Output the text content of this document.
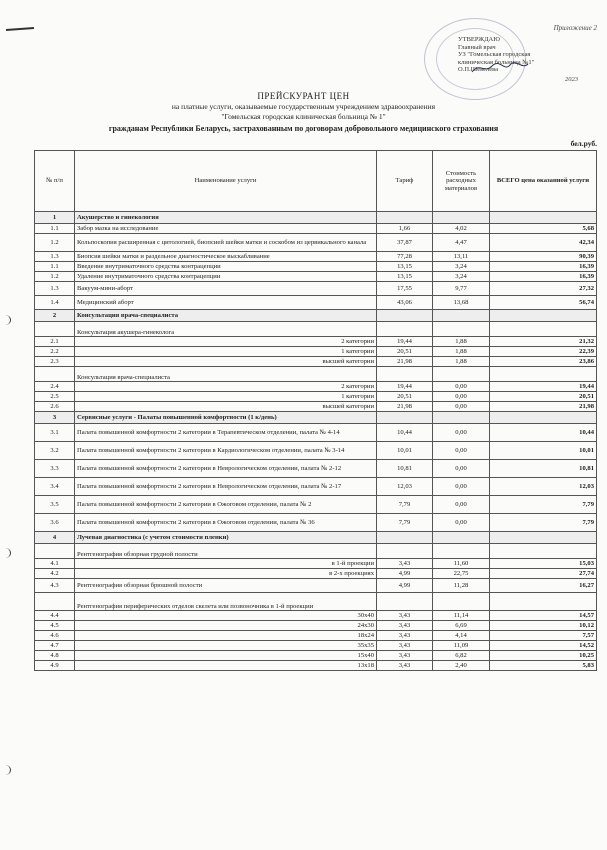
Приложение 2
УТВЕРЖДАЮ
Главный врач
УЗ "Гомельская городская
клиническая больница №1"
О.П.Шевелёва
2023
ПРЕЙСКУРАНТ ЦЕН
на платные услуги, оказываемые государственным учреждением здравоохранения
"Гомельская городская клиническая больница № 1"
гражданам Республики Беларусь, застрахованным по договорам добровольного медицинского страхования
бел.руб.
№ п/п	Наименование услуги	Тариф	Стоимость расходных материалов	ВСЕГО цена оказанной услуги
1	Акушерство и гинекология			
1.1	Забор мазка на исследование	1,66	4,02	5,68
1.2	Кольпоскопия расширенная с цитологией, биопсией шейки матки и соскобом из цервикального канала	37,87	4,47	42,34
1.3	Биопсия шейки матки и раздельное диагностическое выскабливание	77,28	13,11	90,39
1.1	Введение внутриматочного средства контрацепции	13,15	3,24	16,39
1.2	Удаление внутриматочного средства контрацепции	13,15	3,24	16,39
1.3	Вакуум-мини-аборт	17,55	9,77	27,32
1.4	Медицинский аборт	43,06	13,68	56,74
2	Консультация врача-специалиста			
	Консультация акушера-гинеколога			
2.1	2 категории	19,44	1,88	21,32
2.2	1 категории	20,51	1,88	22,39
2.3	высшей категории	21,98	1,88	23,86
	Консультация врача-специалиста			
2.4	2 категории	19,44	0,00	19,44
2.5	1 категории	20,51	0,00	20,51
2.6	высшей категории	21,98	0,00	21,98
3	Сервисные услуги - Палаты повышенной комфортности (1 к/день)			
3.1	Палата повышенной комфортности 2 категории в Терапевтическом отделении, палата № 4-14	10,44	0,00	10,44
3.2	Палата повышенной комфортности 2 категории в Кардиологическом отделении, палата № 3-14	10,01	0,00	10,01
3.3	Палата повышенной комфортности 2 категории в Неврологическом отделении, палата № 2-12	10,81	0,00	10,81
3.4	Палата повышенной комфортности 2 категории в Неврологическом отделении, палата № 2-17	12,03	0,00	12,03
3.5	Палата повышенной комфортности 2 категории в Ожоговом отделении, палата № 2	7,79	0,00	7,79
3.6	Палата повышенной комфортности 2 категории в Ожоговом отделении, палата № 36	7,79	0,00	7,79
4	Лучевая диагностика (с учетом стоимости пленки)			
	Рентгенография обзорная грудной полости			
4.1	в 1-й проекции	3,43	11,60	15,03
4.2	в 2-х проекциях	4,99	22,75	27,74
4.3	Рентгенография обзорная брюшной полости	4,99	11,28	16,27
	Рентгенография периферических отделов скелета или позвоночника в 1-й проекции			
4.4	30х40	3,43	11,14	14,57
4.5	24х30	3,43	6,69	10,12
4.6	18х24	3,43	4,14	7,57
4.7	35х35	3,43	11,09	14,52
4.8	15х40	3,43	6,82	10,25
4.9	13х18	3,43	2,40	5,83
